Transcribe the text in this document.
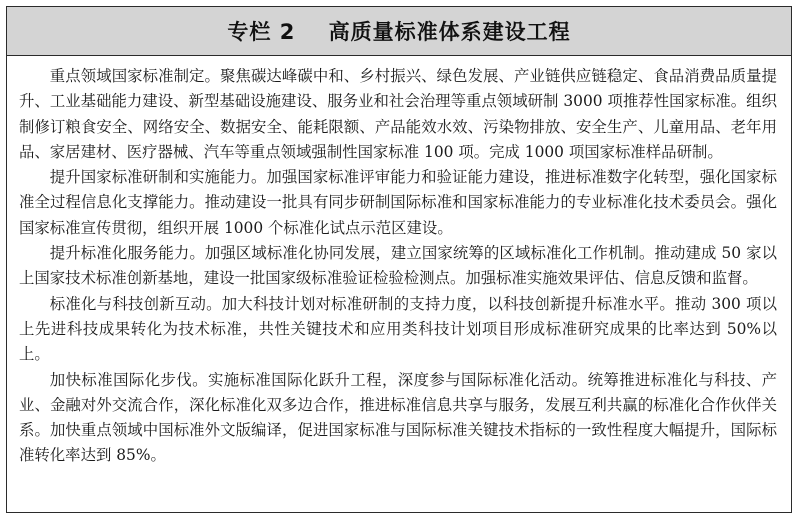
专栏 2    高质量标准体系建设工程

重点领域国家标准制定。聚焦碳达峰碳中和、乡村振兴、绿色发展、产业链供应链稳定、食品消费品质量提升、工业基础能力建设、新型基础设施建设、服务业和社会治理等重点领域研制 3000 项推荐性国家标准。组织制修订粮食安全、网络安全、数据安全、能耗限额、产品能效水效、污染物排放、安全生产、儿童用品、老年用品、家居建材、医疗器械、汽车等重点领域强制性国家标准 100 项。完成 1000 项国家标准样品研制。

提升国家标准研制和实施能力。加强国家标准评审能力和验证能力建设，推进标准数字化转型，强化国家标准全过程信息化支撑能力。推动建设一批具有同步研制国际标准和国家标准能力的专业标准化技术委员会。强化国家标准宣传贯彻，组织开展 1000 个标准化试点示范区建设。

提升标准化服务能力。加强区域标准化协同发展，建立国家统筹的区域标准化工作机制。推动建成 50 家以上国家技术标准创新基地，建设一批国家级标准验证检验检测点。加强标准实施效果评估、信息反馈和监督。

标准化与科技创新互动。加大科技计划对标准研制的支持力度，以科技创新提升标准水平。推动 300 项以上先进科技成果转化为技术标准，共性关键技术和应用类科技计划项目形成标准研究成果的比率达到 50%以上。

加快标准国际化步伐。实施标准国际化跃升工程，深度参与国际标准化活动。统筹推进标准化与科技、产业、金融对外交流合作，深化标准化双多边合作，推进标准信息共享与服务，发展互利共赢的标准化合作伙伴关系。加快重点领域中国标准外文版编译，促进国家标准与国际标准关键技术指标的一致性程度大幅提升，国际标准转化率达到 85%。
